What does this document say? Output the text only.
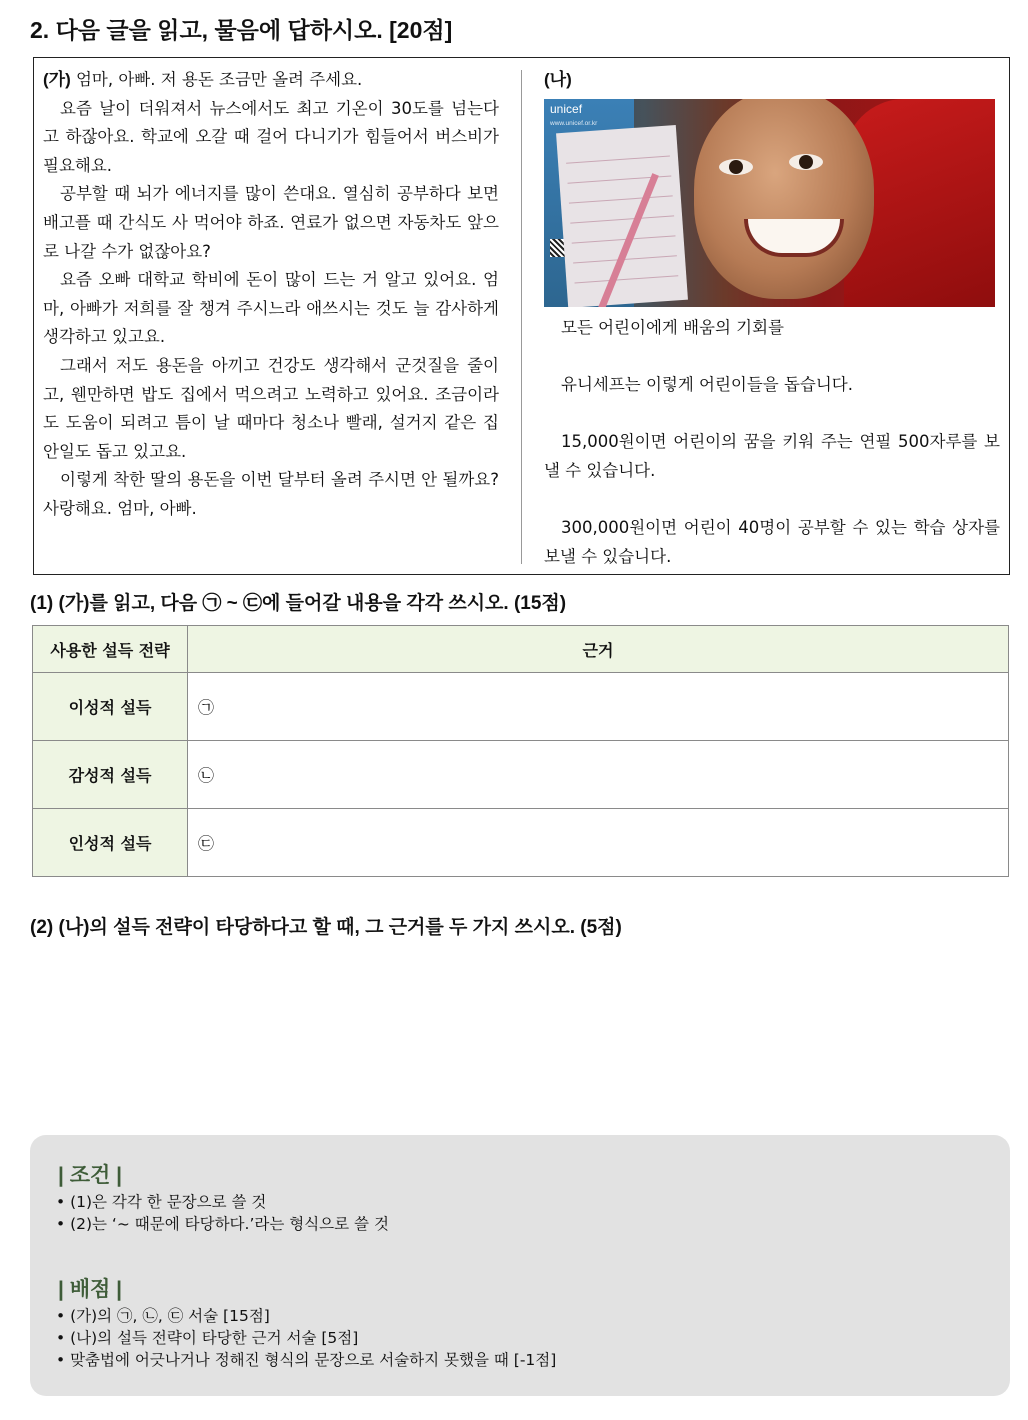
2. 다음 글을 읽고, 물음에 답하시오. [20점]

(가) 엄마, 아빠. 저 용돈 조금만 올려 주세요.

요즘 날이 더워져서 뉴스에서도 최고 기온이 30도를 넘는다고 하잖아요. 학교에 오갈 때 걸어 다니기가 힘들어서 버스비가 필요해요.

공부할 때 뇌가 에너지를 많이 쓴대요. 열심히 공부하다 보면 배고플 때 간식도 사 먹어야 하죠. 연료가 없으면 자동차도 앞으로 나갈 수가 없잖아요?

요즘 오빠 대학교 학비에 돈이 많이 드는 거 알고 있어요. 엄마, 아빠가 저희를 잘 챙겨 주시느라 애쓰시는 것도 늘 감사하게 생각하고 있고요.

그래서 저도 용돈을 아끼고 건강도 생각해서 군것질을 줄이고, 웬만하면 밥도 집에서 먹으려고 노력하고 있어요. 조금이라도 도움이 되려고 틈이 날 때마다 청소나 빨래, 설거지 같은 집안일도 돕고 있고요.

이렇게 착한 딸의 용돈을 이번 달부터 올려 주시면 안 될까요? 사랑해요. 엄마, 아빠.

(나)
unicef
www.unicef.or.kr

모든 어린이에게 배움의 기회를

유니세프는 이렇게 어린이들을 돕습니다.

15,000원이면 어린이의 꿈을 키워 주는 연필 500자루를 보낼 수 있습니다.

300,000원이면 어린이 40명이 공부할 수 있는 학습 상자를 보낼 수 있습니다.

(1) (가)를 읽고, 다음 ㉠ ~ ㉢에 들어갈 내용을 각각 쓰시오. (15점)
사용한 설득 전략	근거
이성적 설득	㉠
감성적 설득	㉡
인성적 설득	㉢
(2) (나)의 설득 전략이 타당하다고 할 때, 그 근거를 두 가지 쓰시오. (5점)
| 조건 |
• (1)은 각각 한 문장으로 쓸 것
• (2)는 ‘~ 때문에 타당하다.’라는 형식으로 쓸 것
| 배점 |
• (가)의 ㉠, ㉡, ㉢ 서술 [15점]
• (나)의 설득 전략이 타당한 근거 서술 [5점]
• 맞춤법에 어긋나거나 정해진 형식의 문장으로 서술하지 못했을 때 [-1점]
